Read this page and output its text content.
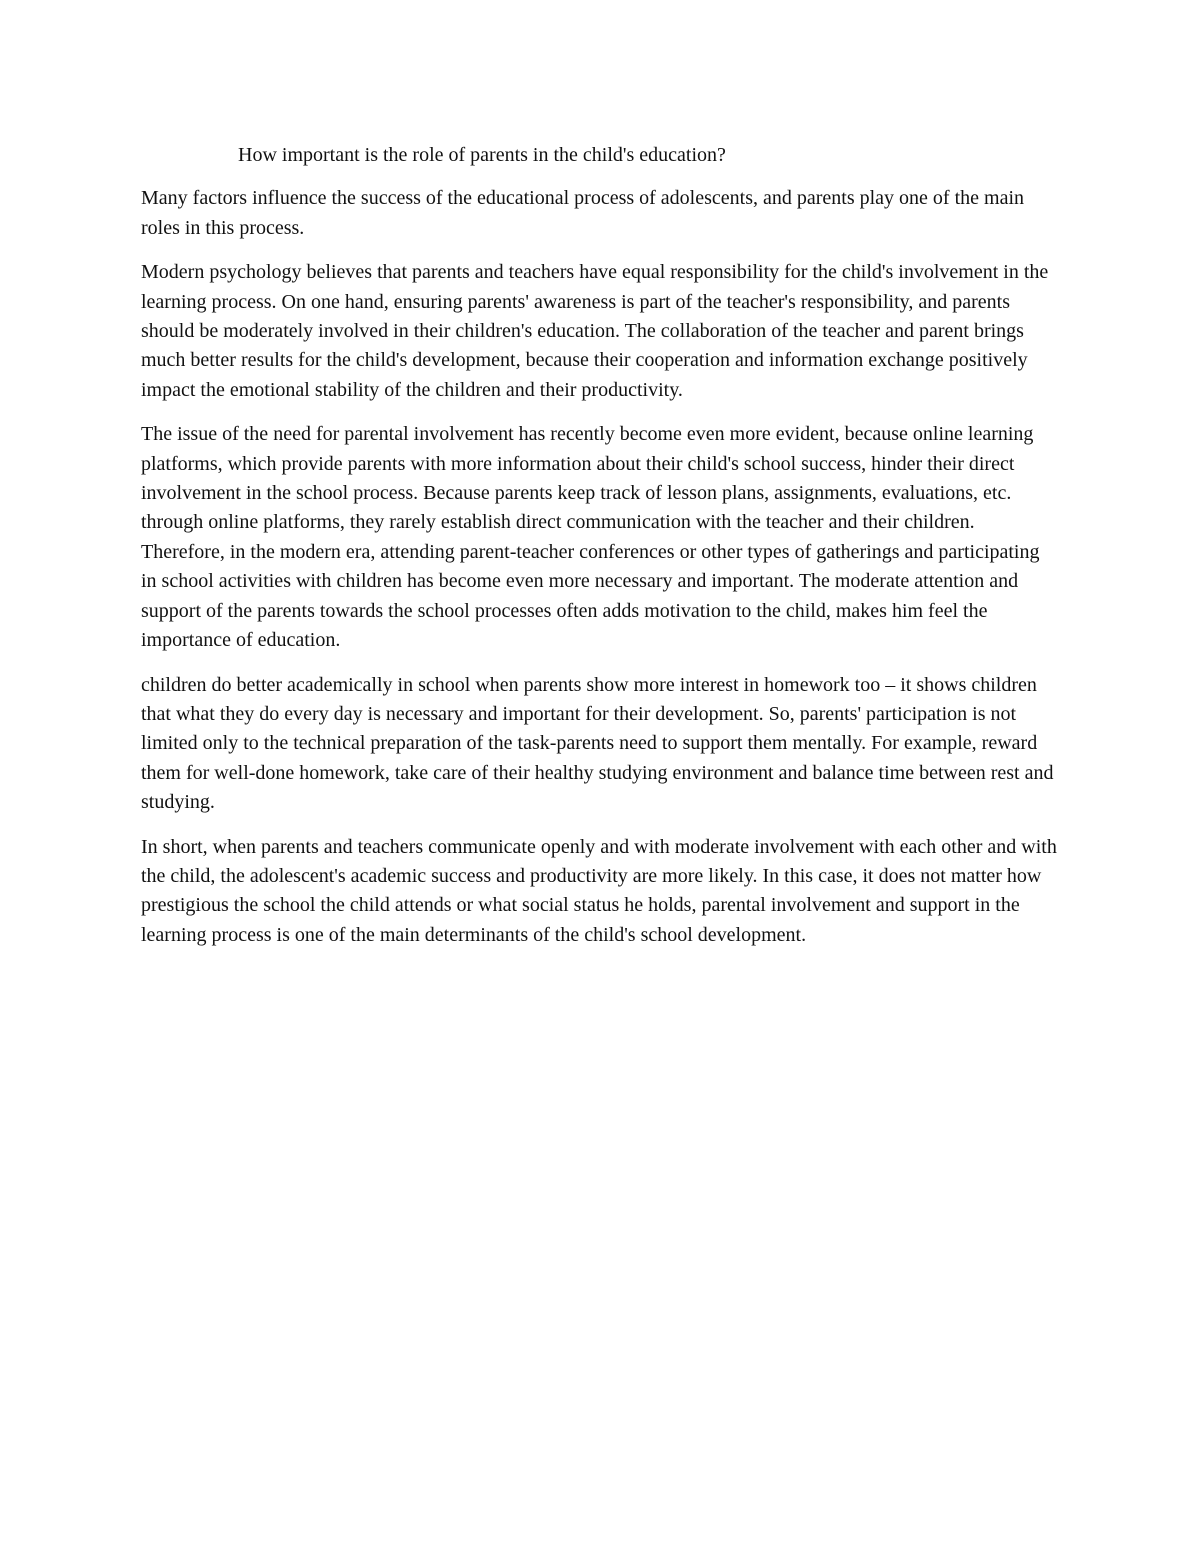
How important is the role of parents in the child's education?

Many factors influence the success of the educational process of adolescents, and parents play one of the main roles in this process.

Modern psychology believes that parents and teachers have equal responsibility for the child's involvement in the learning process. On one hand, ensuring parents' awareness is part of the teacher's responsibility, and parents should be moderately involved in their children's education. The collaboration of the teacher and parent brings much better results for the child's development, because their cooperation and information exchange positively impact the emotional stability of the children and their productivity.

The issue of the need for parental involvement has recently become even more evident, because online learning platforms, which provide parents with more information about their child's school success, hinder their direct involvement in the school process. Because parents keep track of lesson plans, assignments, evaluations, etc. through online platforms, they rarely establish direct communication with the teacher and their children. Therefore, in the modern era, attending parent-teacher conferences or other types of gatherings and participating in school activities with children has become even more necessary and important. The moderate attention and support of the parents towards the school processes often adds motivation to the child, makes him feel the importance of education.

children do better academically in school when parents show more interest in homework too – it shows children that what they do every day is necessary and important for their development. So, parents' participation is not limited only to the technical preparation of the task-parents need to support them mentally. For example, reward them for well-done homework, take care of their healthy studying environment and balance time between rest and studying.

In short, when parents and teachers communicate openly and with moderate involvement with each other and with the child, the adolescent's academic success and productivity are more likely. In this case, it does not matter how prestigious the school the child attends or what social status he holds, parental involvement and support in the learning process is one of the main determinants of the child's school development.
